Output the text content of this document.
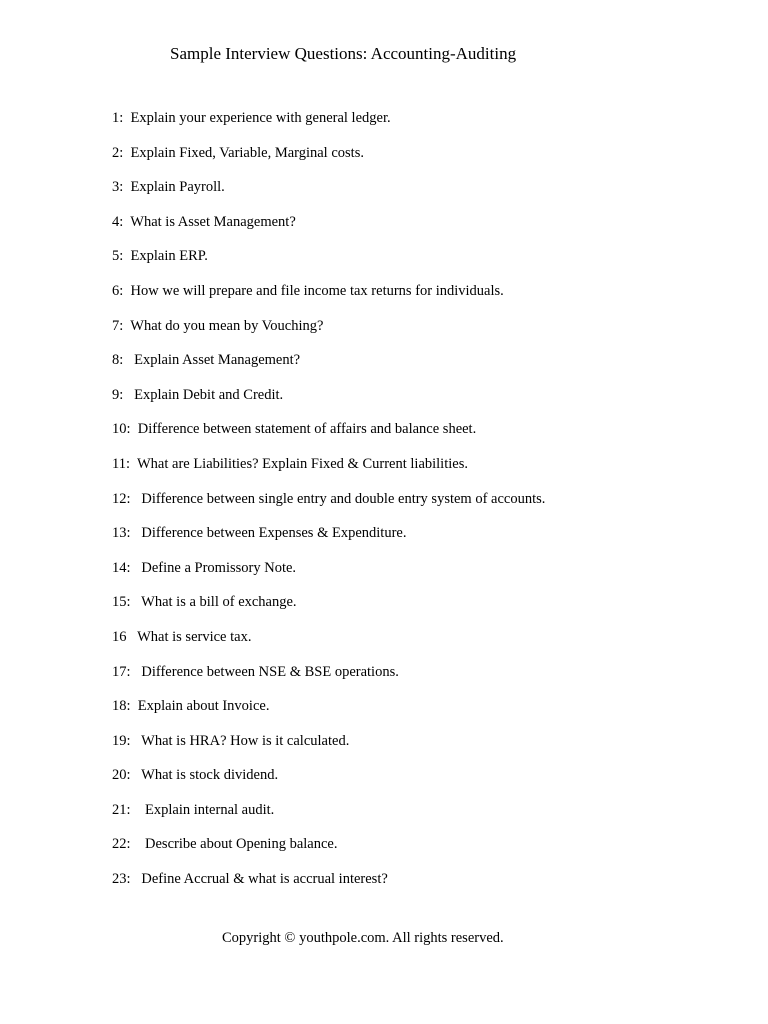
Sample Interview Questions: Accounting-Auditing
1:  Explain your experience with general ledger.
2:  Explain Fixed, Variable, Marginal costs.
3:  Explain Payroll.
4:  What is Asset Management?
5:  Explain ERP.
6:  How we will prepare and file income tax returns for individuals.
7:  What do you mean by Vouching?
8:   Explain Asset Management?
9:   Explain Debit and Credit.
10:  Difference between statement of affairs and balance sheet.
11:  What are Liabilities? Explain Fixed & Current liabilities.
12:   Difference between single entry and double entry system of accounts.
13:   Difference between Expenses & Expenditure.
14:   Define a Promissory Note.
15:   What is a bill of exchange.
16   What is service tax.
17:   Difference between NSE & BSE operations.
18:  Explain about Invoice.
19:   What is HRA? How is it calculated.
20:   What is stock dividend.
21:    Explain internal audit.
22:    Describe about Opening balance.
23:   Define Accrual & what is accrual interest?
Copyright © youthpole.com. All rights reserved.
